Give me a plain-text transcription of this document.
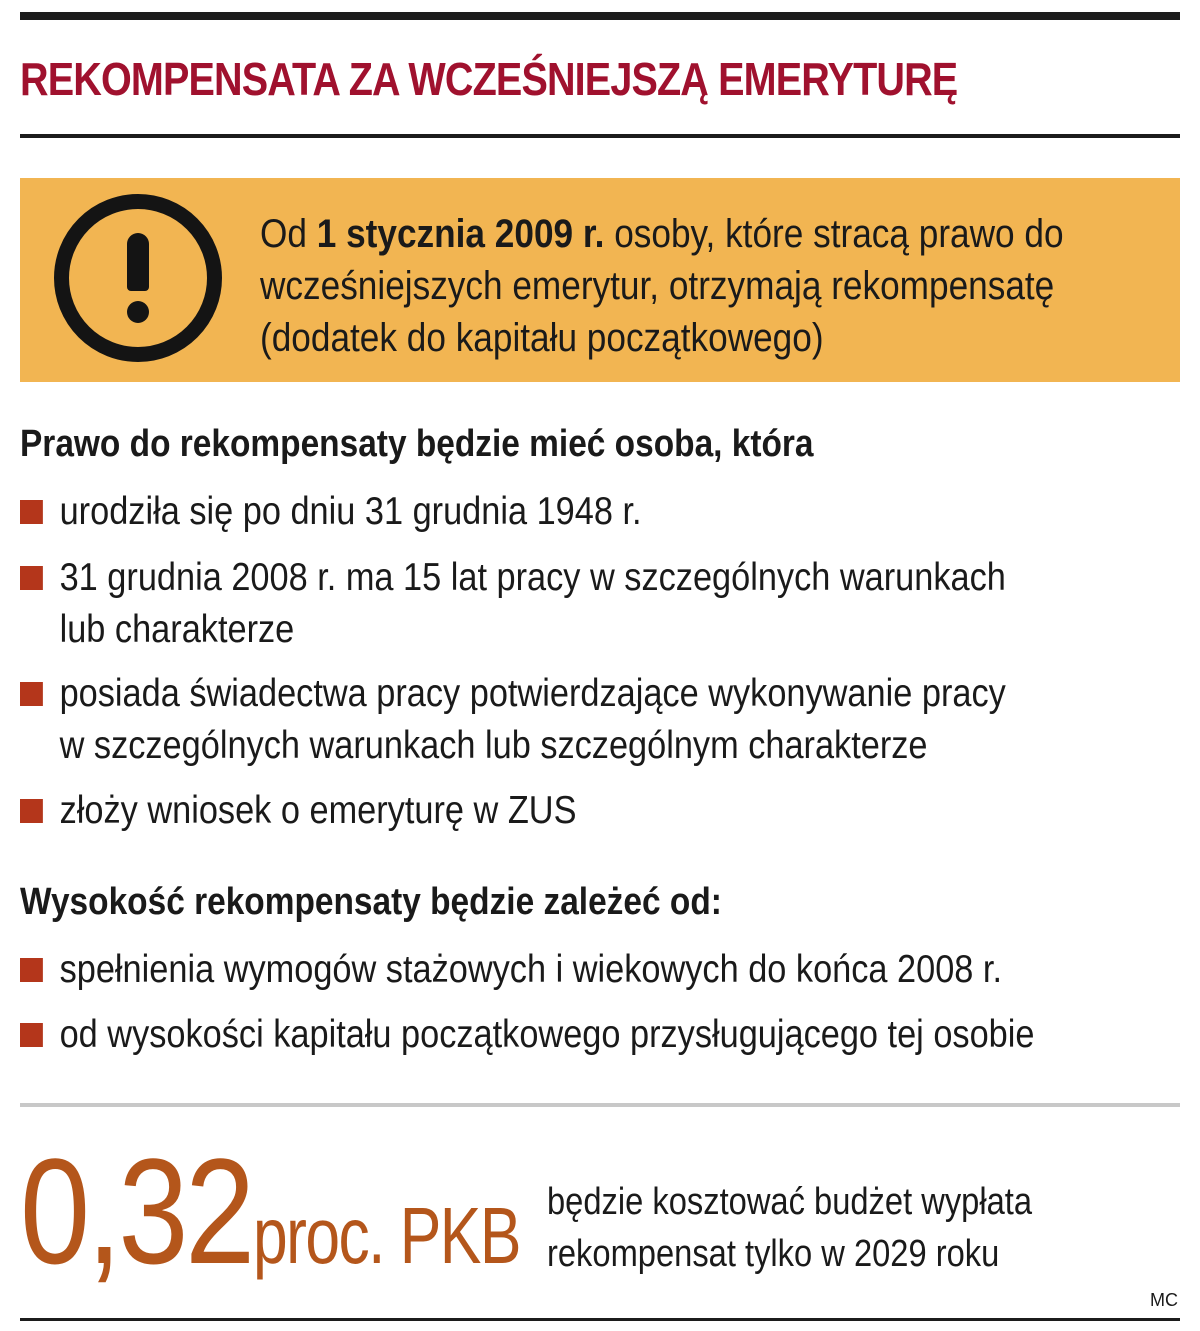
REKOMPENSATA ZA WCZEŚNIEJSZĄ EMERYTURĘ
Od 1 stycznia 2009 r. osoby, które stracą prawo do wcześniejszych emerytur, otrzymają rekompensatę (dodatek do kapitału początkowego)
Prawo do rekompensaty będzie mieć osoba, która
urodziła się po dniu 31 grudnia 1948 r.
31 grudnia 2008 r. ma 15 lat pracy w szczególnych warunkach
lub charakterze
posiada świadectwa pracy potwierdzające wykonywanie pracy
w szczególnych warunkach lub szczególnym charakterze
złoży wniosek o emeryturę w ZUS
Wysokość rekompensaty będzie zależeć od:
spełnienia wymogów stażowych i wiekowych do końca 2008 r.
od wysokości kapitału początkowego przysługującego tej osobie
0,32 proc. PKB będzie kosztować budżet wypłata
rekompensat tylko w 2029 roku
MC
